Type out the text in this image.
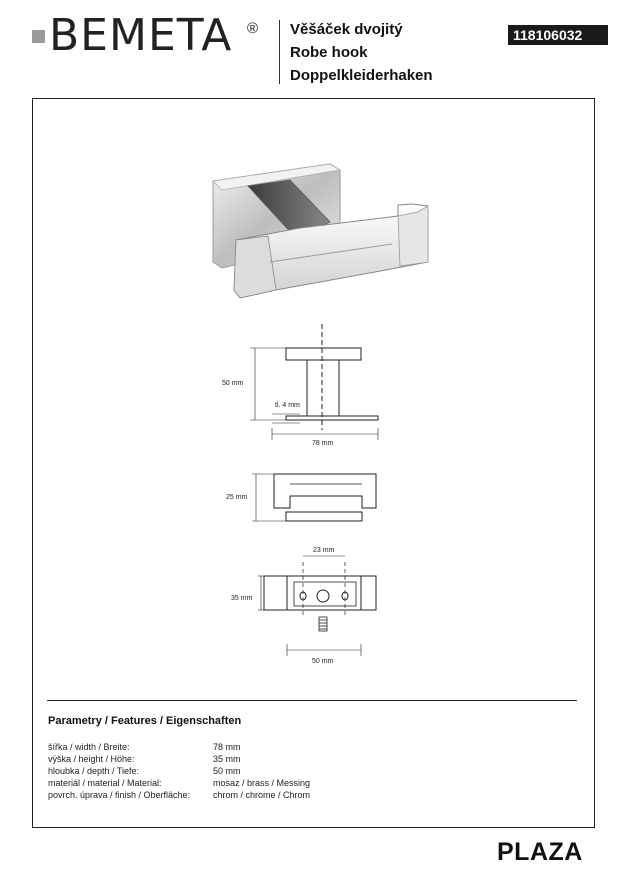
BEMETA ® Věšáček dvojitý
Robe hook
Doppelkleiderhaken
118106032
50 mm
tl. 4 mm
78 mm
25 mm
23 mm
35 mm
50 mm
Parametry / Features / Eigenschaften
šířka / width / Breite:	78 mm
výška / height / Höhe:	35 mm
hloubka / depth / Tiefe:	50 mm
materiál / material / Material:	mosaz / brass / Messing
povrch. úprava / finish / Oberfläche:	chrom / chrome / Chrom
PLAZA
